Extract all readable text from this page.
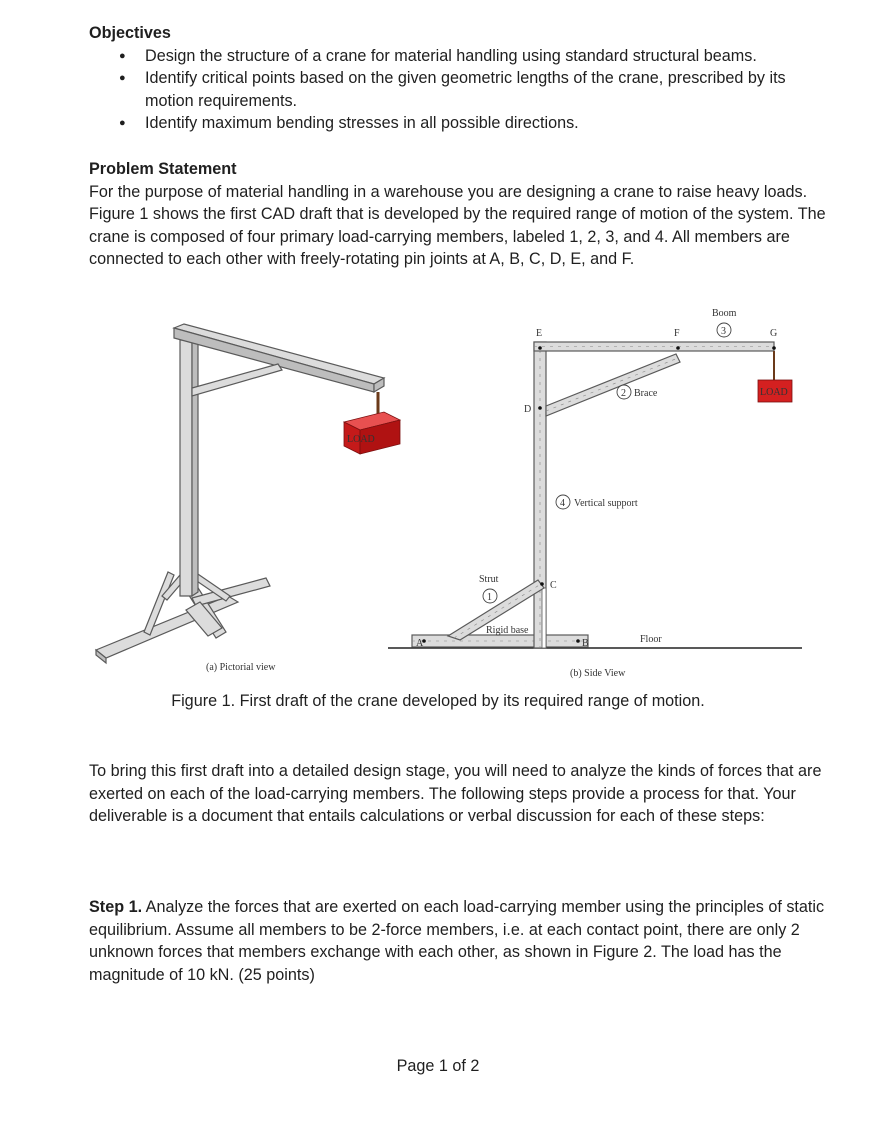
Objectives
● Design the structure of a crane for material handling using standard structural beams.
● Identify critical points based on the given geometric lengths of the crane, prescribed by its motion requirements.
● Identify maximum bending stresses in all possible directions.
Problem Statement

For the purpose of material handling in a warehouse you are designing a crane to raise heavy loads. Figure 1 shows the first CAD draft that is developed by the required range of motion of the system. The crane is composed of four primary load-carrying members, labeled 1, 2, 3, and 4. All members are connected to each other with freely-rotating pin joints at A, B, C, D, E, and F.

LOAD
(a) Pictorial view
Floor
Rigid base
LOAD
A	B
C
D
E	F	G
Boom
3
2 Brace
4 Vertical support
Strut
1
(b) Side View
Figure 1. First draft of the crane developed by its required range of motion.

To bring this first draft into a detailed design stage, you will need to analyze the kinds of forces that are exerted on each of the load-carrying members. The following steps provide a process for that. Your deliverable is a document that entails calculations or verbal discussion for each of these steps:

Step 1. Analyze the forces that are exerted on each load-carrying member using the principles of static equilibrium. Assume all members to be 2-force members, i.e. at each contact point, there are only 2 unknown forces that members exchange with each other, as shown in Figure 2. The load has the magnitude of 10 kN. (25 points)

Page 1 of 2
